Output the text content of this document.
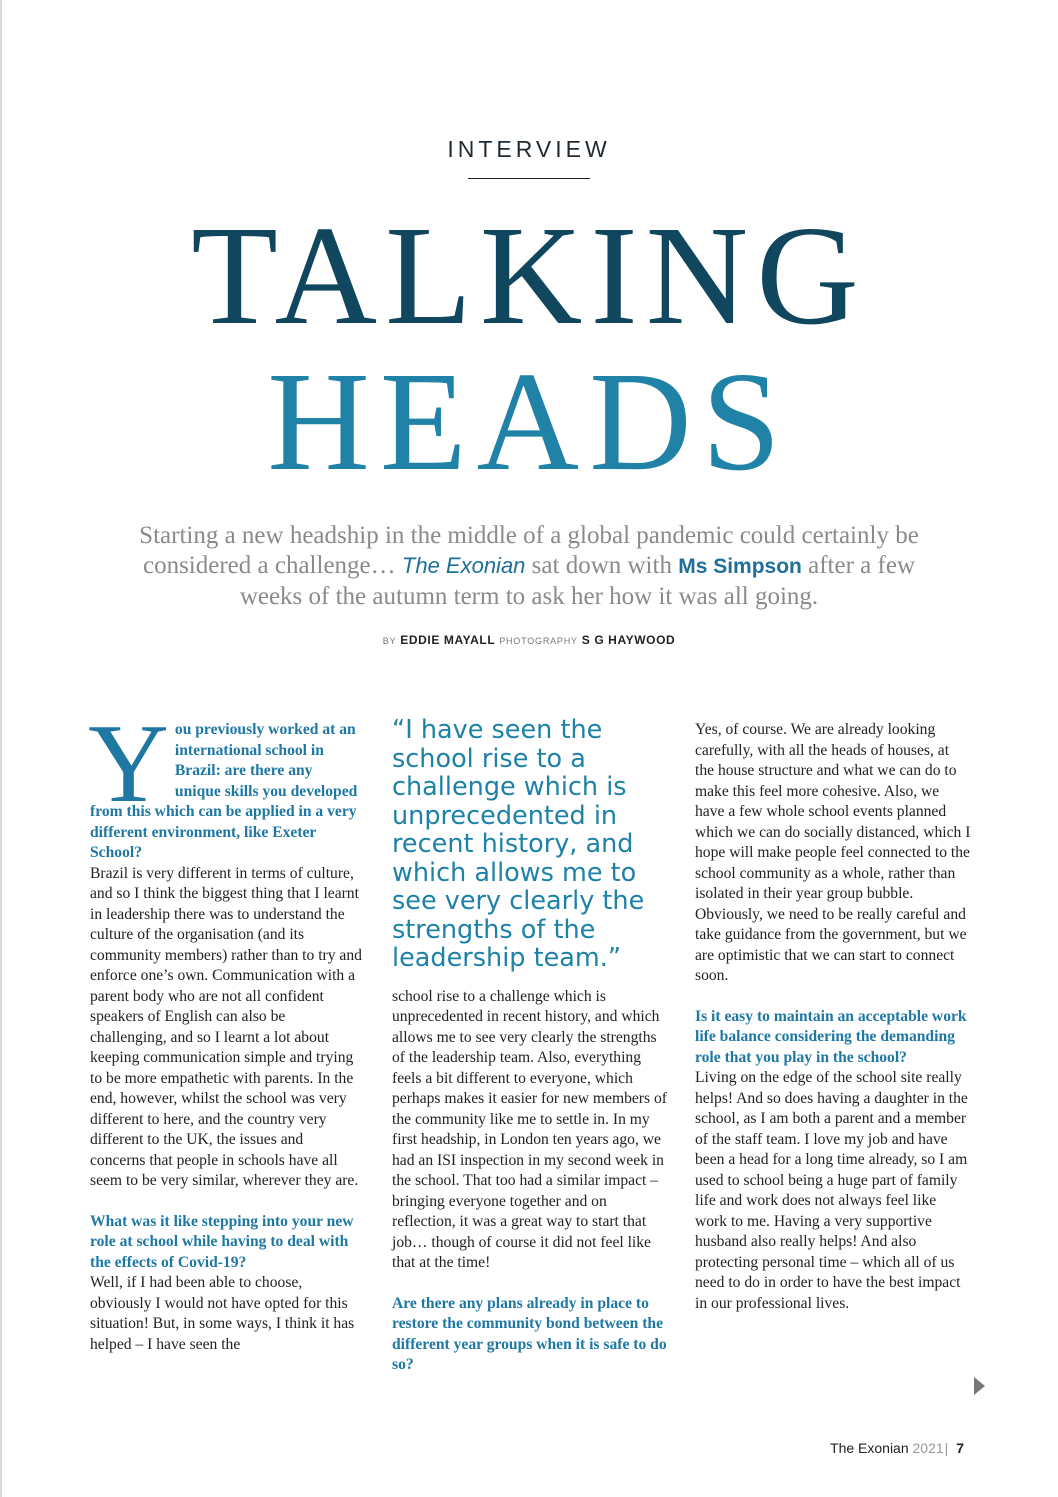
INTERVIEW
TALKING
HEADS

Starting a new headship in the middle of a global pandemic could certainly be considered a challenge… The Exonian sat down with Ms Simpson after a few weeks of the autumn term to ask her how it was all going.

BY EDDIE MAYALL PHOTOGRAPHY S G HAYWOOD
You previously worked at an international school in Brazil: are there any unique skills you developed from this which can be applied in a very different environment, like Exeter School?

Brazil is very different in terms of culture, and so I think the biggest thing that I learnt in leadership there was to understand the culture of the organisation (and its community members) rather than to try and enforce one’s own. Communication with a parent body who are not all confident speakers of English can also be challenging, and so I learnt a lot about keeping communication simple and trying to be more empathetic with parents. In the end, however, whilst the school was very different to here, and the country very different to the UK, the issues and concerns that people in schools have all seem to be very similar, wherever they are.

What was it like stepping into your new role at school while having to deal with the effects of Covid-19?

Well, if I had been able to choose, obviously I would not have opted for this situation! But, in some ways, I think it has helped – I have seen the

“I have seen the school rise to a challenge which is unprecedented in recent history, and which allows me to see very clearly the strengths of the leadership team.”

school rise to a challenge which is unprecedented in recent history, and which allows me to see very clearly the strengths of the leadership team. Also, everything feels a bit different to everyone, which perhaps makes it easier for new members of the community like me to settle in. In my first headship, in London ten years ago, we had an ISI inspection in my second week in the school. That too had a similar impact – bringing everyone together and on reflection, it was a great way to start that job… though of course it did not feel like that at the time!

Are there any plans already in place to restore the community bond between the different year groups when it is safe to do so?

Yes, of course. We are already looking carefully, with all the heads of houses, at the house structure and what we can do to make this feel more cohesive. Also, we have a few whole school events planned which we can do socially distanced, which I hope will make people feel connected to the school community as a whole, rather than isolated in their year group bubble. Obviously, we need to be really careful and take guidance from the government, but we are optimistic that we can start to connect soon.

Is it easy to maintain an acceptable work life balance considering the demanding role that you play in the school?

Living on the edge of the school site really helps! And so does having a daughter in the school, as I am both a parent and a member of the staff team. I love my job and have been a head for a long time already, so I am used to school being a huge part of family life and work does not always feel like work to me. Having a very supportive husband also really helps! And also protecting personal time – which all of us need to do in order to have the best impact in our professional lives.

The Exonian 2021| 7
